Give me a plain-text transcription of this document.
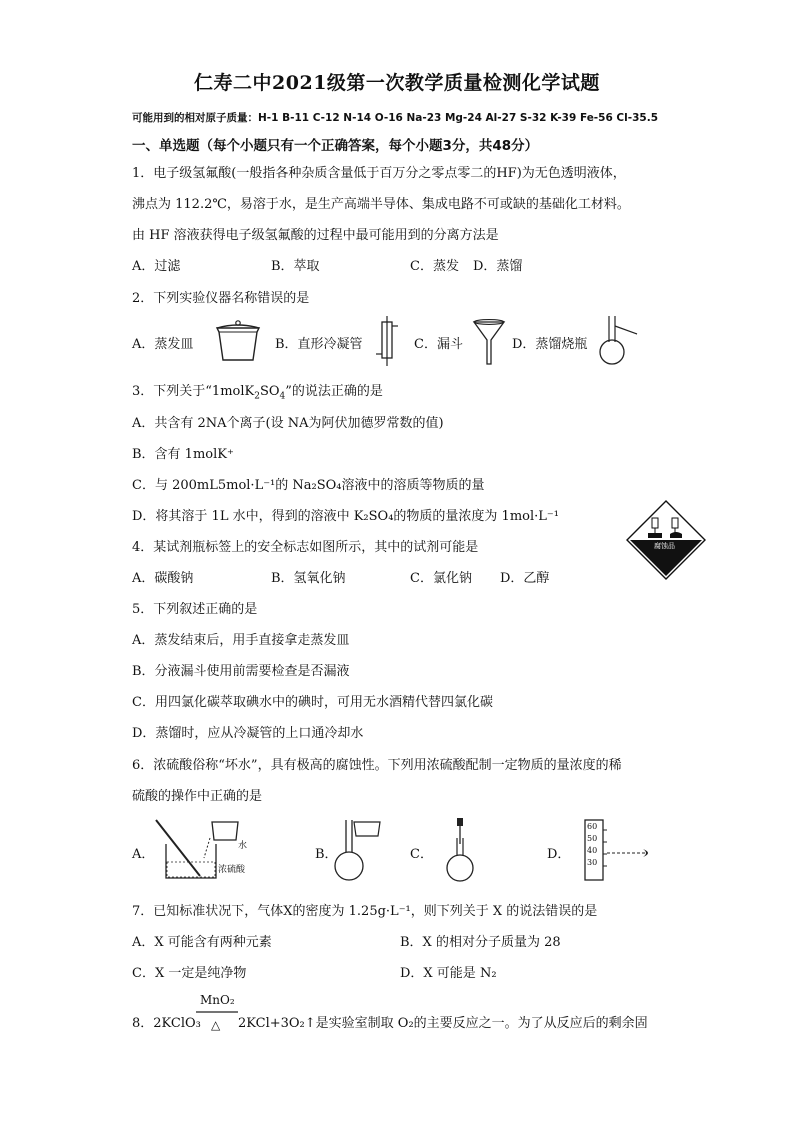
仁寿二中2021级第一次教学质量检测化学试题
可能用到的相对原子质量：H-1 B-11 C-12 N-14 O-16 Na-23 Mg-24 Al-27 S-32 K-39 Fe-56 Cl-35.5
一、单选题（每个小题只有一个正确答案，每个小题3分，共48分）
1．电子级氢氟酸(一般指各种杂质含量低于百万分之零点零二的HF)为无色透明液体，
沸点为 112.2℃，易溶于水，是生产高端半导体、集成电路不可或缺的基础化工材料。
由 HF 溶液获得电子级氢氟酸的过程中最可能用到的分离方法是
A．过滤	B．萃取	C．蒸发 D．蒸馏
2．下列实验仪器名称错误的是
A．蒸发皿	B．直形冷凝管	C．漏斗	D．蒸馏烧瓶
3．下列关于“$1molK_2SO_4$”的说法正确的是
A．共含有 2NA个离子(设 NA为阿伏加德罗常数的值)
B．含有 1molK⁺
C．与 200mL5mol·L⁻¹的 Na₂SO₄溶液中的溶质等物质的量
D．将其溶于 1L 水中，得到的溶液中 K₂SO₄的物质的量浓度为 1mol·L⁻¹
腐蚀品
4．某试剂瓶标签上的安全标志如图所示，其中的试剂可能是
A．碳酸钠	B．氢氧化钠	C．氯化钠 D．乙醇
5．下列叙述正确的是
A．蒸发结束后，用手直接拿走蒸发皿
B．分液漏斗使用前需要检查是否漏液
C．用四氯化碳萃取碘水中的碘时，可用无水酒精代替四氯化碳
D．蒸馏时，应从冷凝管的上口通冷却水
6．浓硫酸俗称“坏水”，具有极高的腐蚀性。下列用浓硫酸配制一定物质的量浓度的稀
硫酸的操作中正确的是
A．
水
浓硫酸
B．	C．	D．
60
50
40
30
7．已知标准状况下，气体X的密度为 1.25g·L⁻¹，则下列关于 X 的说法错误的是
A．X 可能含有两种元素	B．X 的相对分子质量为 28
C．X 一定是纯净物	D．X 可能是 N₂
8．2KClO₃
MnO₂
△ 2KCl+3O₂↑是实验室制取 O₂的主要反应之一。为了从反应后的剩余固
